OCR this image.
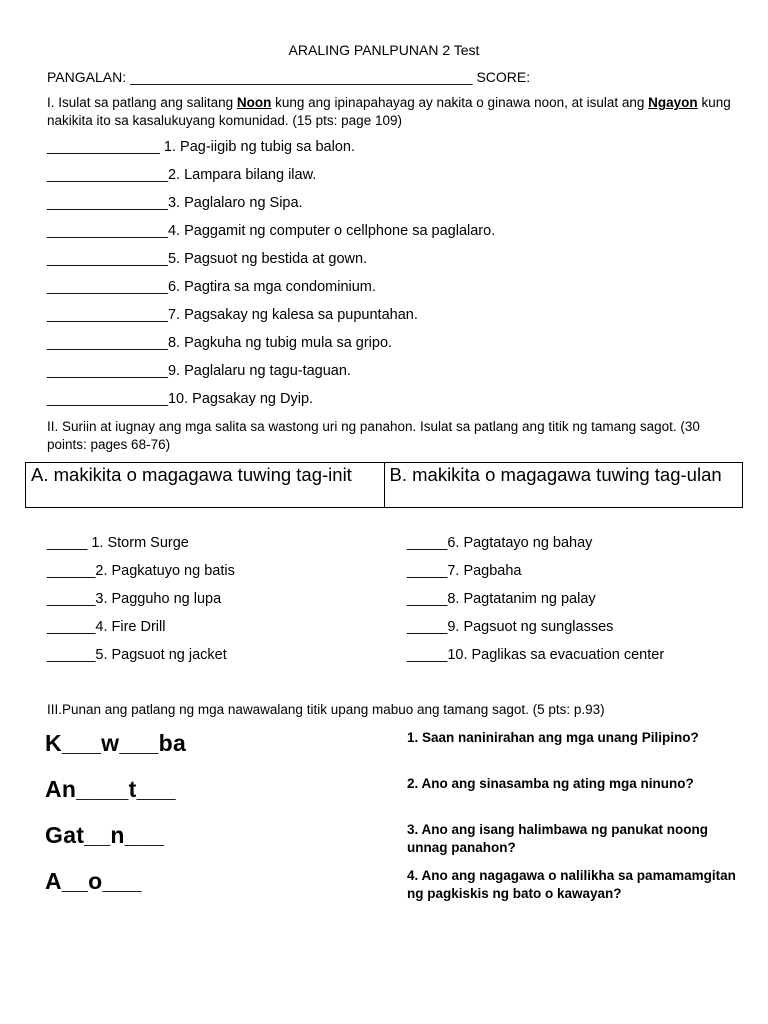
ARALING PANLPUNAN 2 Test
PANGALAN: ____________________________________________ SCORE:
I. Isulat sa patlang ang salitang Noon kung ang ipinapahayag ay nakita o ginawa noon, at isulat ang Ngayon kung nakikita ito sa kasalukuyang komunidad. (15 pts: page 109)
______________ 1. Pag-iigib ng tubig sa balon.
_______________2. Lampara bilang ilaw.
_______________3. Paglalaro ng Sipa.
_______________4. Paggamit ng computer o cellphone sa paglalaro.
_______________5. Pagsuot ng bestida at gown.
_______________6. Pagtira sa mga condominium.
_______________7. Pagsakay ng kalesa sa pupuntahan.
_______________8. Pagkuha ng tubig mula sa gripo.
_______________9. Paglalaru ng tagu-taguan.
_______________10. Pagsakay ng Dyip.
II. Suriin at iugnay ang mga salita sa wastong uri ng panahon. Isulat sa patlang ang titik ng tamang sagot. (30 points: pages 68-76)
A. makikita o magagawa tuwing tag-init	B. makikita o magagawa tuwing tag-ulan
_____ 1. Storm Surge
______2. Pagkatuyo ng batis
______3. Pagguho ng lupa
______4. Fire Drill
______5. Pagsuot ng jacket
_____6. Pagtatayo ng bahay
_____7. Pagbaha
_____8. Pagtatanim ng palay
_____9. Pagsuot ng sunglasses
_____10. Paglikas sa evacuation center
III.Punan ang patlang ng mga nawawalang titik upang mabuo ang tamang sagot. (5 pts: p.93)
K___w___ba
An____t___
Gat__n___
A__o___
1. Saan naninirahan ang mga unang Pilipino?
2. Ano ang sinasamba ng ating mga ninuno?
3. Ano ang isang halimbawa ng panukat noong unnag panahon?
4. Ano ang nagagawa o nalilikha sa pamamamgitan ng pagkiskis ng bato o kawayan?
